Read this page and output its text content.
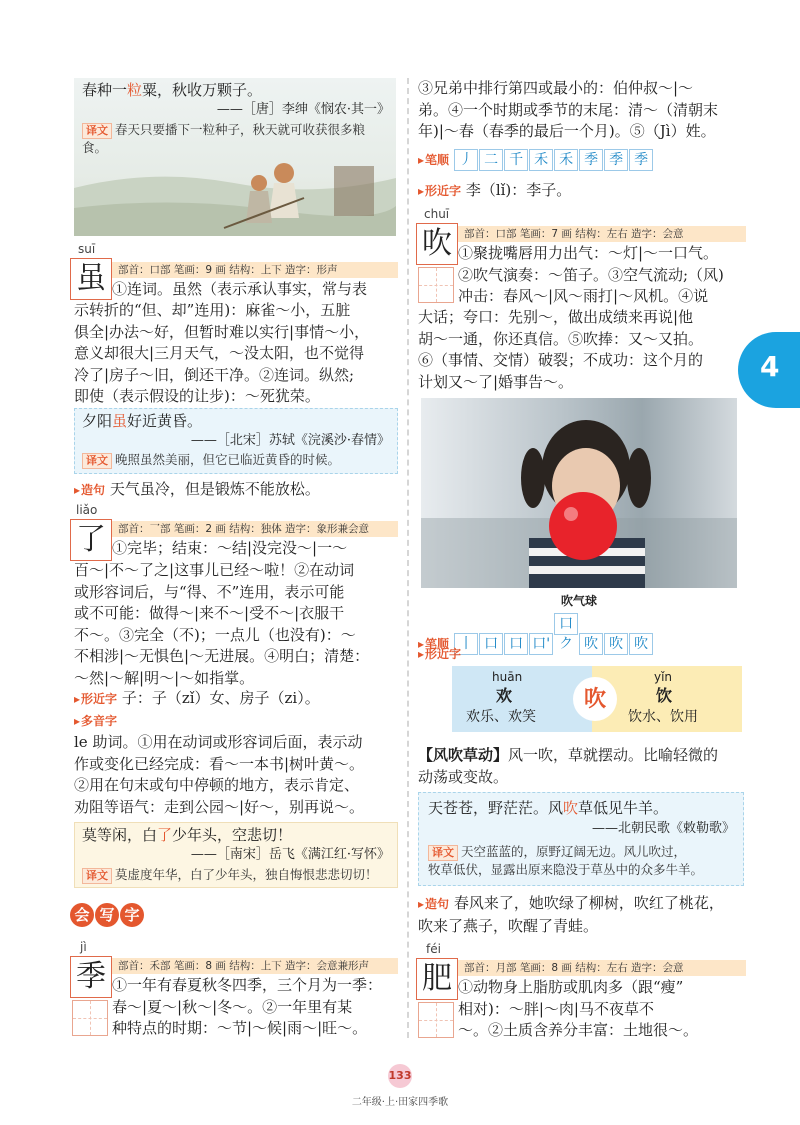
春种一粒粟，秋收万颗子。
——［唐］李绅《悯农·其一》
译文 春天只要播下一粒种子，秋天就可收获很多粮食。
suī
虽	部首：口部 笔画：9 画 结构：上下 造字：形声
①连词。虽然（表示承认事实，常与表
示转折的“但、却”连用)：麻雀～小，五脏
俱全|办法～好，但暂时难以实行|事情～小，
意义却很大|三月天气，～没太阳，也不觉得
冷了|房子～旧，倒还干净。②连词。纵然;
即使（表示假设的让步)：～死犹荣。
夕阳虽好近黄昏。
——［北宋］苏轼《浣溪沙·春情》
译文 晚照虽然美丽，但它已临近黄昏的时候。
▸ 造句 天气虽冷，但是锻炼不能放松。
liǎo
了	部首：乛部 笔画：2 画 结构：独体 造字：象形兼会意
①完毕；结束：～结|没完没～|一～
百～|不～了之|这事儿已经～啦！②在动词
或形容词后，与“得、不”连用，表示可能
或不可能：做得～|来不～|受不～|衣服干
不～。③完全（不)；一点儿（也没有)：～
不相涉|～无惧色|～无进展。④明白；清楚：
～然|～解|明～|～如指掌。
▸ 形近字 子：子（zǐ）女、房子（zi）。
▸ 多音字
le 助词。①用在动词或形容词后面，表示动
作或变化已经完成：看～一本书|树叶黄～。
②用在句末或句中停顿的地方，表示肯定、
劝阻等语气：走到公园～|好～，别再说～。
莫等闲，白了少年头，空悲切！
——［南宋］岳飞《满江红·写怀》
译文 莫虚度年华，白了少年头，独自悔恨悲悲切切！
会 写 字
jì
季	部首：禾部 笔画：8 画 结构：上下 造字：会意兼形声
①一年有春夏秋冬四季，三个月为一季：
春～|夏～|秋～|冬～。②一年里有某
种特点的时期：～节|～候|雨～|旺～。
③兄弟中排行第四或最小的：伯仲叔～|～
弟。④一个时期或季节的末尾：清～（清朝末
年)|～春（春季的最后一个月)。⑤（Jì）姓。
▸ 笔顺 丿 二 千 禾 禾 季 季 季
▸ 形近字 李（lǐ)：李子。
chuī
吹	部首：口部 笔画：7 画 结构：左右 造字：会意
①聚拢嘴唇用力出气：～灯|～一口气。
②吹气演奏：～笛子。③空气流动;（风)
冲击：春风～|风～雨打|～风机。④说
大话；夸口：先别～，做出成绩来再说|他
胡～一通，你还真信。⑤吹捧：又～又拍。
⑥（事情、交情）破裂；不成功：这个月的
计划又～了|婚事告～。
吹气球
▸ 笔顺 丨 口 口 口'口ク 吹 吹 吹
▸ 形近字
huān
欢
欢乐、欢笑
吹
yǐn
饮
饮水、饮用
【风吹草动】风一吹，草就摆动。比喻轻微的
动荡或变故。
天苍苍，野茫茫。风吹草低见牛羊。
——北朝民歌《敕勒歌》
译文 天空蓝蓝的，原野辽阔无边。风儿吹过，
牧草低伏，显露出原来隐没于草丛中的众多牛羊。
▸ 造句 春风来了，她吹绿了柳树，吹红了桃花，
吹来了燕子，吹醒了青蛙。
féi
肥	部首：月部 笔画：8 画 结构：左右 造字：会意
①动物身上脂肪或肌肉多（跟“瘦”
相对)：～胖|～肉|马不夜草不
～。②土质含养分丰富：土地很～。
4
133
二年级·上·田家四季歌
